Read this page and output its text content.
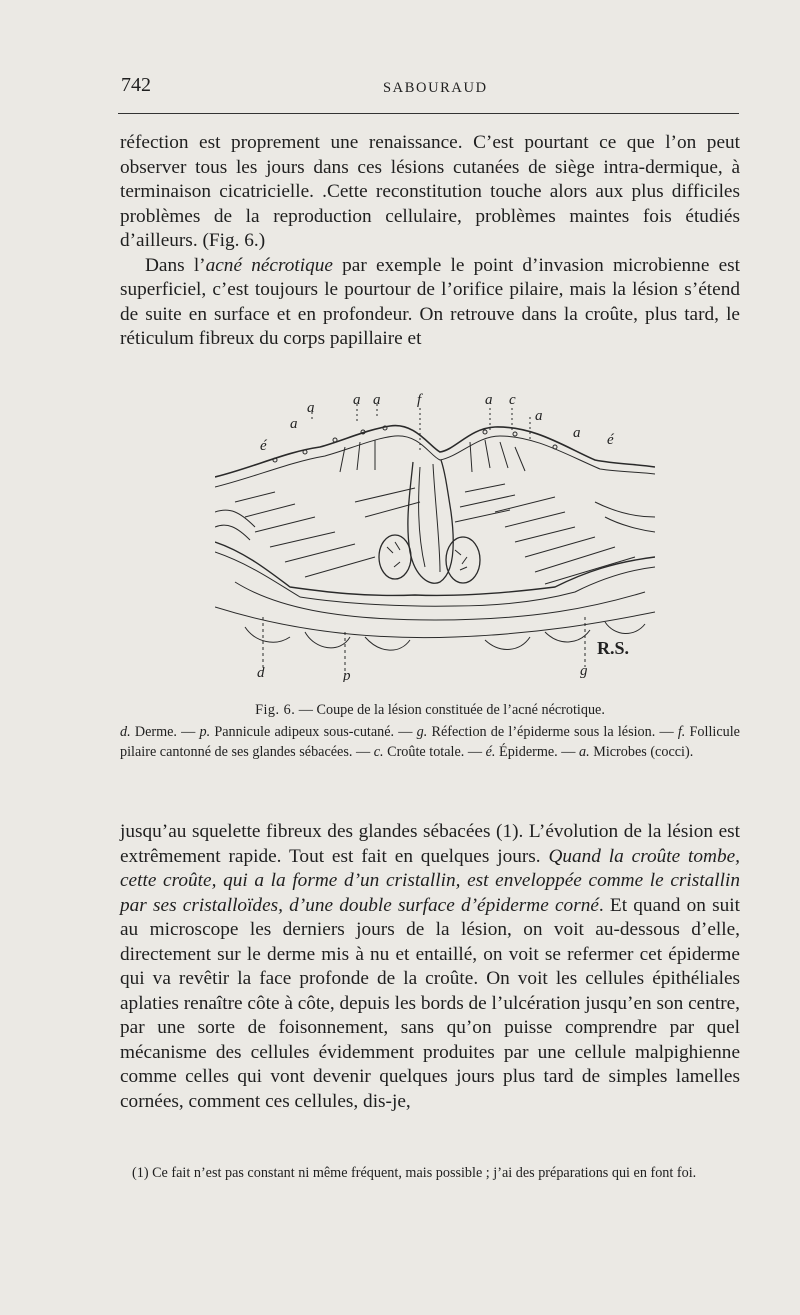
742	SABOURAUD

réfection est proprement une renaissance. C’est pourtant ce que l’on peut observer tous les jours dans ces lésions cutanées de siège intra-dermique, à terminaison cicatricielle. .Cette reconstitution touche alors aux plus difficiles problèmes de la reproduction cellulaire, problèmes maintes fois étudiés d’ailleurs. (Fig. 6.)

Dans l’acné nécrotique par exemple le point d’invasion microbienne est superficiel, c’est toujours le pourtour de l’orifice pilaire, mais la lésion s’étend de suite en surface et en profondeur. On retrouve dans la croûte, plus tard, le réticulum fibreux du corps papillaire et

a	a a f	a c
a
é
a
a é
d	p	g
R.S.

Fig. 6. — Coupe de la lésion constituée de l’acné nécrotique.

d. Derme. — p. Pannicule adipeux sous-cutané. — g. Réfection de l’épiderme sous la lésion. — f. Follicule pilaire cantonné de ses glandes sébacées. — c. Croûte totale. — é. Épiderme. — a. Microbes (cocci).

jusqu’au squelette fibreux des glandes sébacées (1). L’évolution de la lésion est extrêmement rapide. Tout est fait en quelques jours. Quand la croûte tombe, cette croûte, qui a la forme d’un cristallin, est enveloppée comme le cristallin par ses cristalloïdes, d’une double surface d’épiderme corné. Et quand on suit au microscope les derniers jours de la lésion, on voit au-dessous d’elle, directement sur le derme mis à nu et entaillé, on voit se refermer cet épiderme qui va revêtir la face profonde de la croûte. On voit les cellules épithéliales aplaties renaître côte à côte, depuis les bords de l’ulcération jusqu’en son centre, par une sorte de foisonnement, sans qu’on puisse comprendre par quel mécanisme des cellules évidemment produites par une cellule malpighienne comme celles qui vont devenir quelques jours plus tard de simples lamelles cornées, comment ces cellules, dis-je,

(1) Ce fait n’est pas constant ni même fréquent, mais possible ; j’ai des préparations qui en font foi.
